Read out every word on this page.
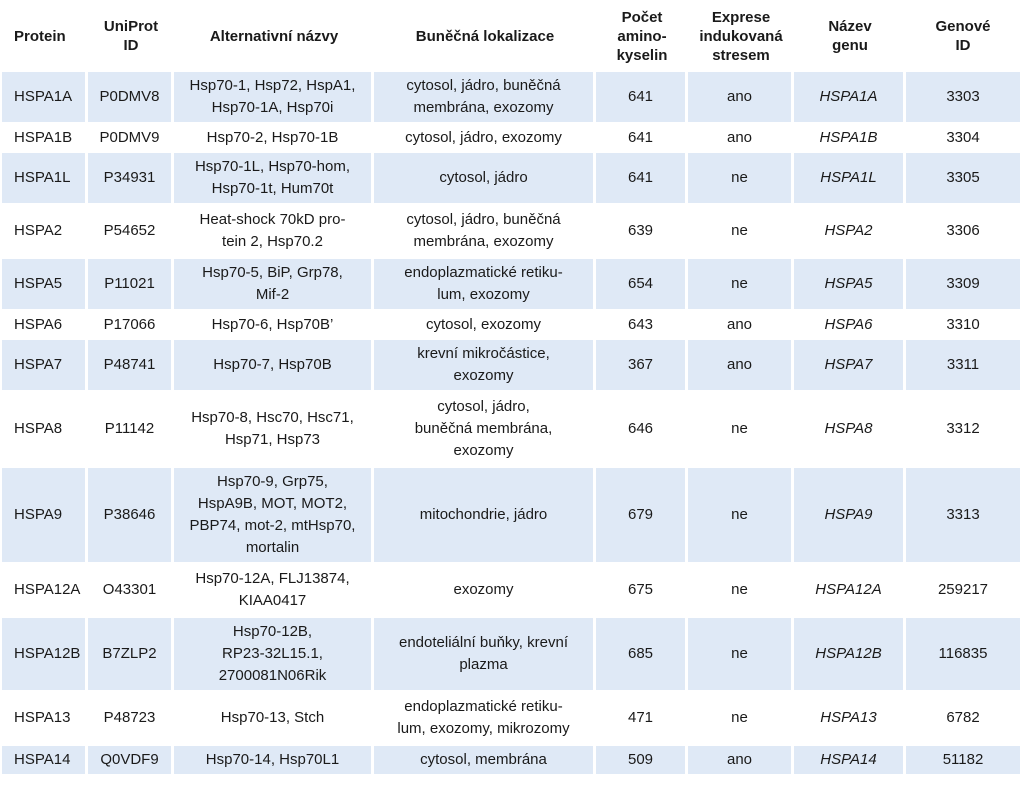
Protein	UniProt
ID	Alternativní názvy	Buněčná lokalizace	Počet
amino-
kyselin	Exprese
indukovaná
stresem	Název
genu	Genové
ID
HSPA1A	P0DMV8	Hsp70-1, Hsp72, HspA1,
Hsp70-1A, Hsp70i	cytosol, jádro, buněčná
membrána, exozomy	641	ano	HSPA1A	3303
HSPA1B	P0DMV9	Hsp70-2, Hsp70-1B	cytosol, jádro, exozomy	641	ano	HSPA1B	3304
HSPA1L	P34931	Hsp70-1L, Hsp70-hom,
Hsp70-1t, Hum70t	cytosol, jádro	641	ne	HSPA1L	3305
HSPA2	P54652	Heat-shock 70kD pro-
tein 2, Hsp70.2	cytosol, jádro, buněčná
membrána, exozomy	639	ne	HSPA2	3306
HSPA5	P11021	Hsp70-5, BiP, Grp78,
Mif-2	endoplazmatické retiku-
lum, exozomy	654	ne	HSPA5	3309
HSPA6	P17066	Hsp70-6, Hsp70B’	cytosol, exozomy	643	ano	HSPA6	3310
HSPA7	P48741	Hsp70-7, Hsp70B	krevní mikročástice,
exozomy	367	ano	HSPA7	3311
HSPA8	P11142	Hsp70-8, Hsc70, Hsc71,
Hsp71, Hsp73	cytosol, jádro,
buněčná membrána,
exozomy	646	ne	HSPA8	3312
HSPA9	P38646	Hsp70-9, Grp75,
HspA9B, MOT, MOT2,
PBP74, mot-2, mtHsp70,
mortalin	mitochondrie, jádro	679	ne	HSPA9	3313
HSPA12A	O43301	Hsp70-12A, FLJ13874,
KIAA0417	exozomy	675	ne	HSPA12A	259217
HSPA12B	B7ZLP2	Hsp70-12B,
RP23-32L15.1,
2700081N06Rik	endoteliální buňky, krevní
plazma	685	ne	HSPA12B	116835
HSPA13	P48723	Hsp70-13, Stch	endoplazmatické retiku-
lum, exozomy, mikrozomy	471	ne	HSPA13	6782
HSPA14	Q0VDF9	Hsp70-14, Hsp70L1	cytosol, membrána	509	ano	HSPA14	51182
